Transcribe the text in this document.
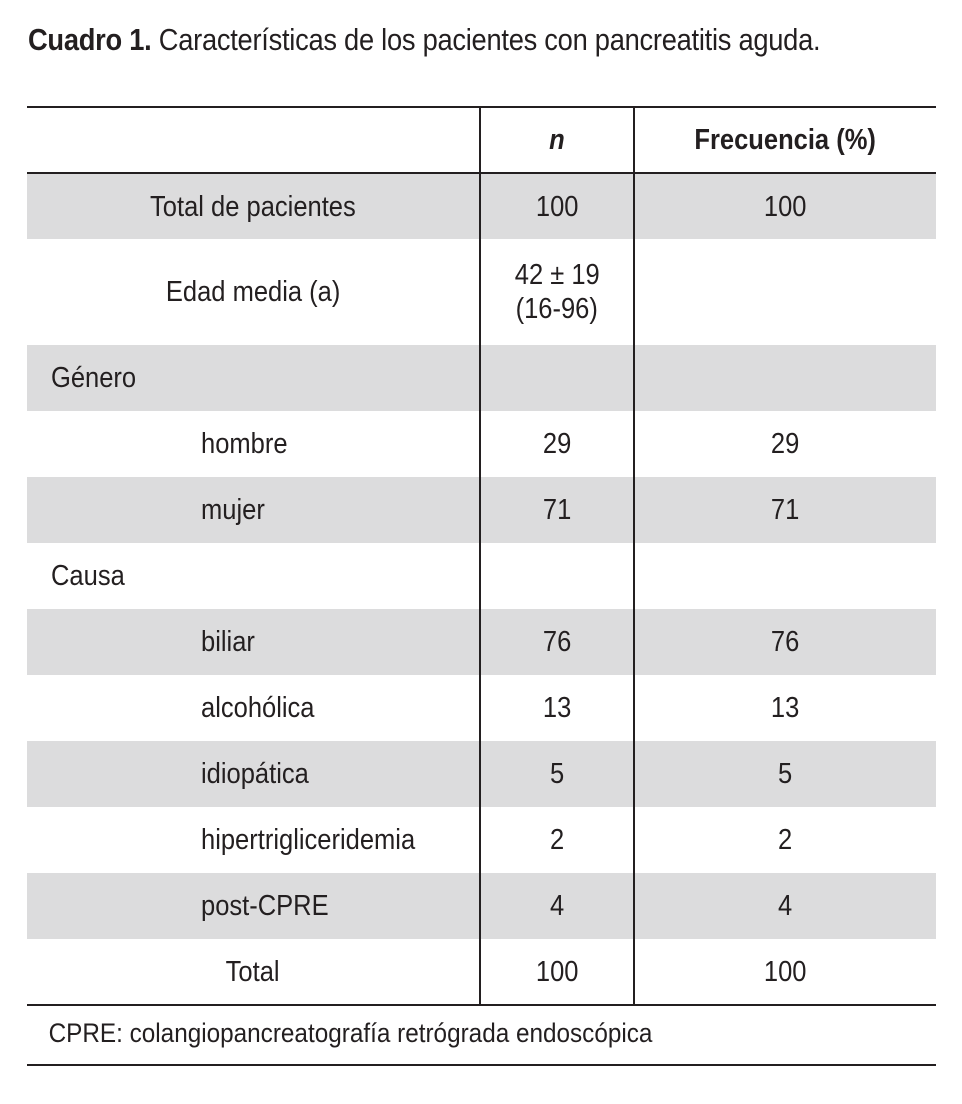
Cuadro 1. Características de los pacientes con pancreatitis aguda.
	n	Frecuencia (%)
Total de pacientes	100	100
Edad media (a)	42 ± 19
(16-96)	
Género		
hombre	29	29
mujer	71	71
Causa		
biliar	76	76
alcohólica	13	13
idiopática	5	5
hipertrigliceridemia	2	2
post-CPRE	4	4
Total	100	100
CPRE: colangiopancreatografía retrógrada endoscópica
